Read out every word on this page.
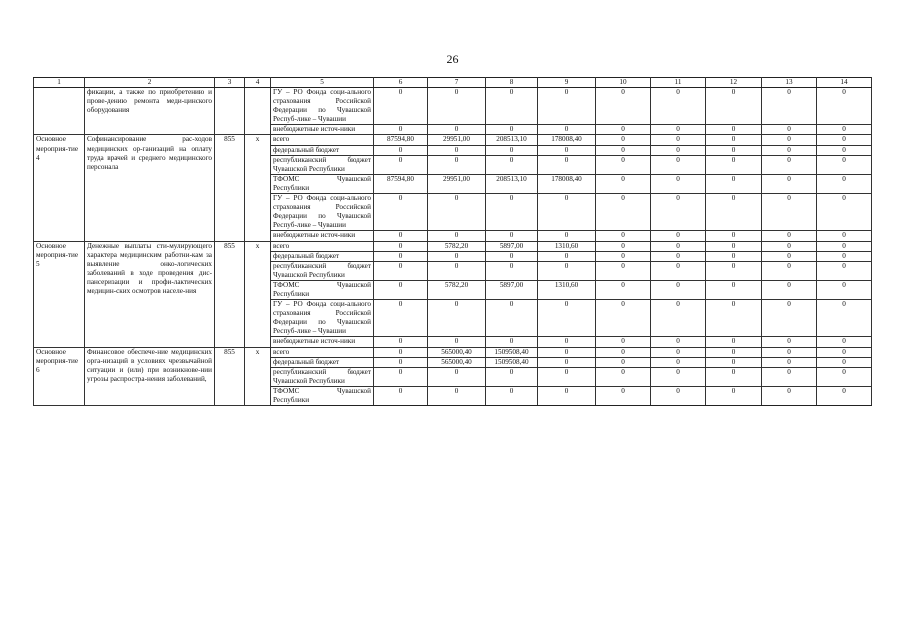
26
1	2	3	4	5	6	7	8	9	10	11	12	13	14
	фикации, а также по приобретению и прове-дению ремонта меди-цинского оборудования			ГУ – РО Фонда соци-ального страхования Российской Федерации по Чувашской Респуб-лике – Чувашии	0	0	0	0	0	0	0	0	0
				внебюджетные источ-ники	0	0	0	0	0	0	0	0	0
Основное мероприя-тие 4	Софинансирование рас-ходов медицинских ор-ганизаций на оплату труда врачей и среднего медицинского персонала	855	х	всего	87594,80	29951,00	208513,10	178008,40	0	0	0	0	0
				федеральный бюджет	0	0	0	0	0	0	0	0	0
				республиканский бюджет Чувашской Республики	0	0	0	0	0	0	0	0	0
				ТФОМС Чувашской Республики	87594,80	29951,00	208513,10	178008,40	0	0	0	0	0
				ГУ – РО Фонда соци-ального страхования Российской Федерации по Чувашской Респуб-лике – Чувашии	0	0	0	0	0	0	0	0	0
				внебюджетные источ-ники	0	0	0	0	0	0	0	0	0
Основное мероприя-тие 5	Денежные выплаты сти-мулирующего характера медицинским работни-кам за выявление онко-логических заболеваний в ходе проведения дис-пансеризации и профи-лактических медицин-ских осмотров населе-ния	855	х	всего	0	5782,20	5897,00	1310,60	0	0	0	0	0
				федеральный бюджет	0	0	0	0	0	0	0	0	0
				республиканский бюджет Чувашской Республики	0	0	0	0	0	0	0	0	0
				ТФОМС Чувашской Республики	0	5782,20	5897,00	1310,60	0	0	0	0	0
				ГУ – РО Фонда соци-ального страхования Российской Федерации по Чувашской Респуб-лике – Чувашии	0	0	0	0	0	0	0	0	0
				внебюджетные источ-ники	0	0	0	0	0	0	0	0	0
Основное мероприя-тие 6	Финансовое обеспече-ние медицинских орга-низаций в условиях чрезвычайной ситуации и (или) при возникнове-нии угрозы распростра-нения заболеваний,	855	х	всего	0	565000,40	1509508,40	0	0	0	0	0	0
				федеральный бюджет	0	565000,40	1509508,40	0	0	0	0	0	0
				республиканский бюджет Чувашской Республики	0	0	0	0	0	0	0	0	0
				ТФОМС Чувашской Республики	0	0	0	0	0	0	0	0	0
